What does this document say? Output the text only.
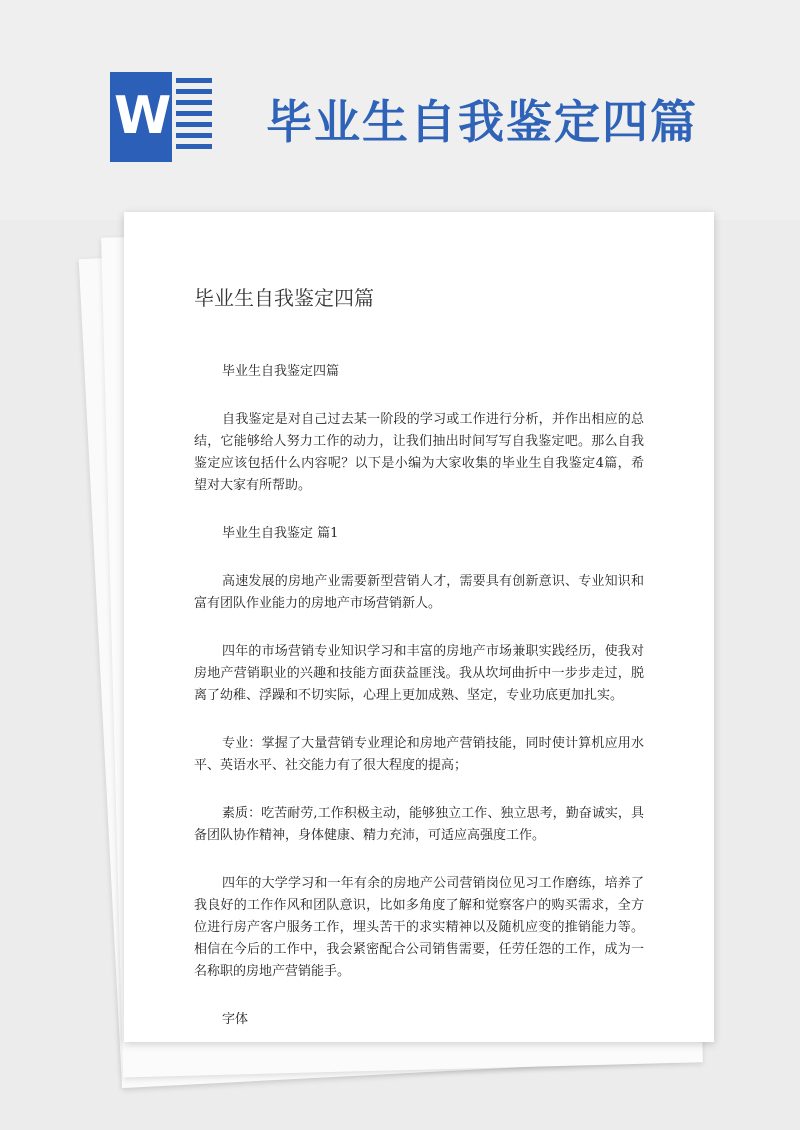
W 毕业生自我鉴定四篇
毕业生自我鉴定四篇

毕业生自我鉴定四篇

自我鉴定是对自己过去某一阶段的学习或工作进行分析，并作出相应的总结，它能够给人努力工作的动力，让我们抽出时间写写自我鉴定吧。那么自我鉴定应该包括什么内容呢？以下是小编为大家收集的毕业生自我鉴定4篇，希望对大家有所帮助。

毕业生自我鉴定 篇1

高速发展的房地产业需要新型营销人才，需要具有创新意识、专业知识和富有团队作业能力的房地产市场营销新人。

四年的市场营销专业知识学习和丰富的房地产市场兼职实践经历，使我对房地产营销职业的兴趣和技能方面获益匪浅。我从坎坷曲折中一步步走过，脱离了幼稚、浮躁和不切实际，心理上更加成熟、坚定，专业功底更加扎实。

专业：掌握了大量营销专业理论和房地产营销技能，同时使计算机应用水平、英语水平、社交能力有了很大程度的提高；

素质：吃苦耐劳,工作积极主动，能够独立工作、独立思考，勤奋诚实，具备团队协作精神，身体健康、精力充沛，可适应高强度工作。

四年的大学学习和一年有余的房地产公司营销岗位见习工作磨练，培养了我良好的工作作风和团队意识，比如多角度了解和觉察客户的购买需求，全方位进行房产客户服务工作，埋头苦干的求实精神以及随机应变的推销能力等。相信在今后的工作中，我会紧密配合公司销售需要，任劳任怨的工作，成为一名称职的房地产营销能手。

字体
